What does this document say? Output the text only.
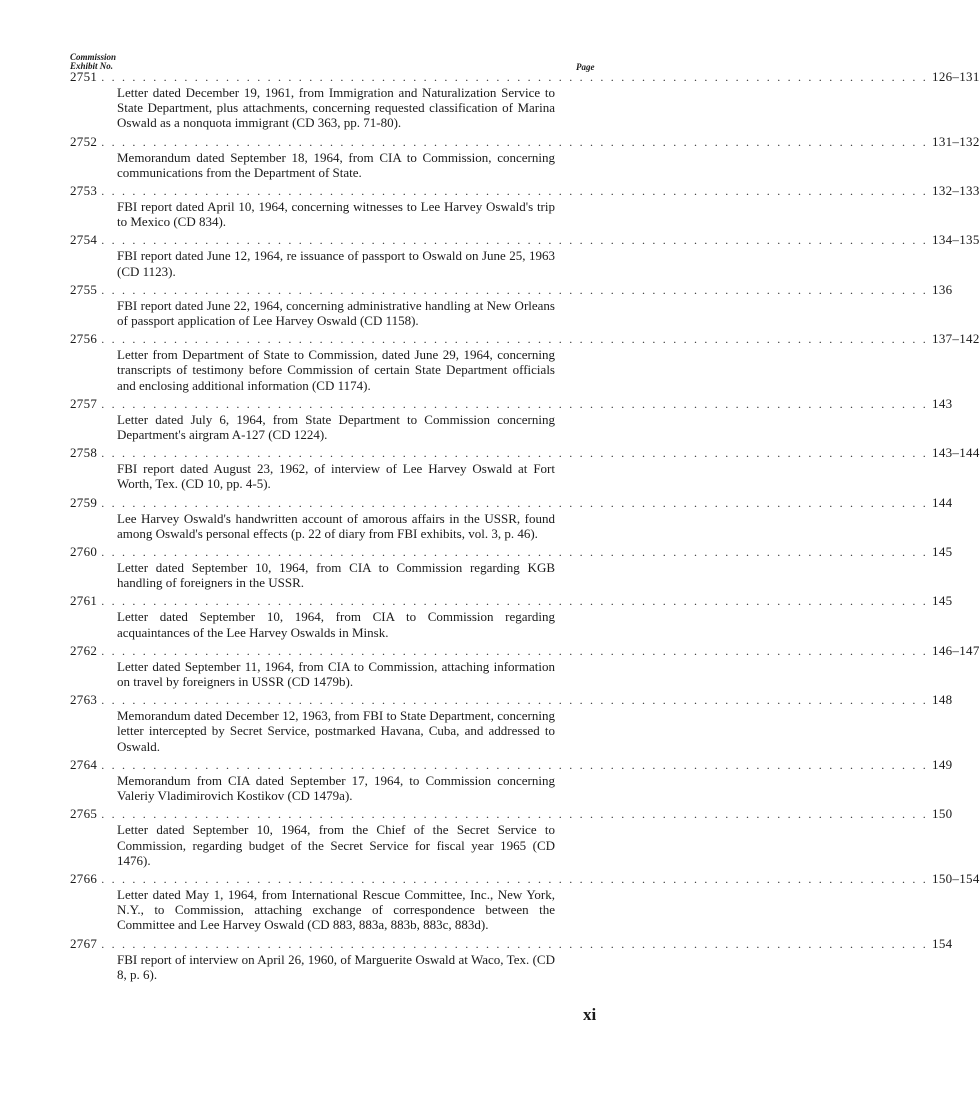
Commission
Exhibit No.	Page
2751 . . . . . . . . . . . . . . . . . . . . . . . . . . . . . . . . . . . . . . . . . . . . . . . . . . . . . . . . . . . . . . . . . . . . . . . . . . . . . . . . 126–131
Letter dated December 19, 1961, from Immigration and Naturalization Service to State Department, plus attachments, concerning requested classification of Marina Oswald as a nonquota immigrant (CD 363, pp. 71-80).
2752 . . . . . . . . . . . . . . . . . . . . . . . . . . . . . . . . . . . . . . . . . . . . . . . . . . . . . . . . . . . . . . . . . . . . . . . . . . . . . . . . 131–132
Memorandum dated September 18, 1964, from CIA to Commission, concerning communications from the Department of State.
2753 . . . . . . . . . . . . . . . . . . . . . . . . . . . . . . . . . . . . . . . . . . . . . . . . . . . . . . . . . . . . . . . . . . . . . . . . . . . . . . . . 132–133
FBI report dated April 10, 1964, concerning witnesses to Lee Harvey Oswald's trip to Mexico (CD 834).
2754 . . . . . . . . . . . . . . . . . . . . . . . . . . . . . . . . . . . . . . . . . . . . . . . . . . . . . . . . . . . . . . . . . . . . . . . . . . . . . . . . 134–135
FBI report dated June 12, 1964, re issuance of passport to Oswald on June 25, 1963 (CD 1123).
2755 . . . . . . . . . . . . . . . . . . . . . . . . . . . . . . . . . . . . . . . . . . . . . . . . . . . . . . . . . . . . . . . . . . . . . . . . . . . . . . . . 136
FBI report dated June 22, 1964, concerning administrative handling at New Orleans of passport application of Lee Harvey Oswald (CD 1158).
2756 . . . . . . . . . . . . . . . . . . . . . . . . . . . . . . . . . . . . . . . . . . . . . . . . . . . . . . . . . . . . . . . . . . . . . . . . . . . . . . . . 137–142
Letter from Department of State to Commission, dated June 29, 1964, concerning transcripts of testimony before Commission of certain State Department officials and enclosing additional information (CD 1174).
2757 . . . . . . . . . . . . . . . . . . . . . . . . . . . . . . . . . . . . . . . . . . . . . . . . . . . . . . . . . . . . . . . . . . . . . . . . . . . . . . . . 143
Letter dated July 6, 1964, from State Department to Commission concerning Department's airgram A-127 (CD 1224).
2758 . . . . . . . . . . . . . . . . . . . . . . . . . . . . . . . . . . . . . . . . . . . . . . . . . . . . . . . . . . . . . . . . . . . . . . . . . . . . . . . . 143–144
FBI report dated August 23, 1962, of interview of Lee Harvey Oswald at Fort Worth, Tex. (CD 10, pp. 4-5).
2759 . . . . . . . . . . . . . . . . . . . . . . . . . . . . . . . . . . . . . . . . . . . . . . . . . . . . . . . . . . . . . . . . . . . . . . . . . . . . . . . . 144
Lee Harvey Oswald's handwritten account of amorous affairs in the USSR, found among Oswald's personal effects (p. 22 of diary from FBI exhibits, vol. 3, p. 46).
2760 . . . . . . . . . . . . . . . . . . . . . . . . . . . . . . . . . . . . . . . . . . . . . . . . . . . . . . . . . . . . . . . . . . . . . . . . . . . . . . . . 145
Letter dated September 10, 1964, from CIA to Commission regarding KGB handling of foreigners in the USSR.
2761 . . . . . . . . . . . . . . . . . . . . . . . . . . . . . . . . . . . . . . . . . . . . . . . . . . . . . . . . . . . . . . . . . . . . . . . . . . . . . . . . 145
Letter dated September 10, 1964, from CIA to Commission regarding acquaintances of the Lee Harvey Oswalds in Minsk.
2762 . . . . . . . . . . . . . . . . . . . . . . . . . . . . . . . . . . . . . . . . . . . . . . . . . . . . . . . . . . . . . . . . . . . . . . . . . . . . . . . . 146–147
Letter dated September 11, 1964, from CIA to Commission, attaching information on travel by foreigners in USSR (CD 1479b).
2763 . . . . . . . . . . . . . . . . . . . . . . . . . . . . . . . . . . . . . . . . . . . . . . . . . . . . . . . . . . . . . . . . . . . . . . . . . . . . . . . . 148
Memorandum dated December 12, 1963, from FBI to State Department, concerning letter intercepted by Secret Service, postmarked Havana, Cuba, and addressed to Oswald.
2764 . . . . . . . . . . . . . . . . . . . . . . . . . . . . . . . . . . . . . . . . . . . . . . . . . . . . . . . . . . . . . . . . . . . . . . . . . . . . . . . . 149
Memorandum from CIA dated September 17, 1964, to Commission concerning Valeriy Vladimirovich Kostikov (CD 1479a).
2765 . . . . . . . . . . . . . . . . . . . . . . . . . . . . . . . . . . . . . . . . . . . . . . . . . . . . . . . . . . . . . . . . . . . . . . . . . . . . . . . . 150
Letter dated September 10, 1964, from the Chief of the Secret Service to Commission, regarding budget of the Secret Service for fiscal year 1965 (CD 1476).
2766 . . . . . . . . . . . . . . . . . . . . . . . . . . . . . . . . . . . . . . . . . . . . . . . . . . . . . . . . . . . . . . . . . . . . . . . . . . . . . . . . 150–154
Letter dated May 1, 1964, from International Rescue Committee, Inc., New York, N.Y., to Commission, attaching exchange of correspondence between the Committee and Lee Harvey Oswald (CD 883, 883a, 883b, 883c, 883d).
2767 . . . . . . . . . . . . . . . . . . . . . . . . . . . . . . . . . . . . . . . . . . . . . . . . . . . . . . . . . . . . . . . . . . . . . . . . . . . . . . . . 154
FBI report of interview on April 26, 1960, of Marguerite Oswald at Waco, Tex. (CD 8, p. 6).
xi
